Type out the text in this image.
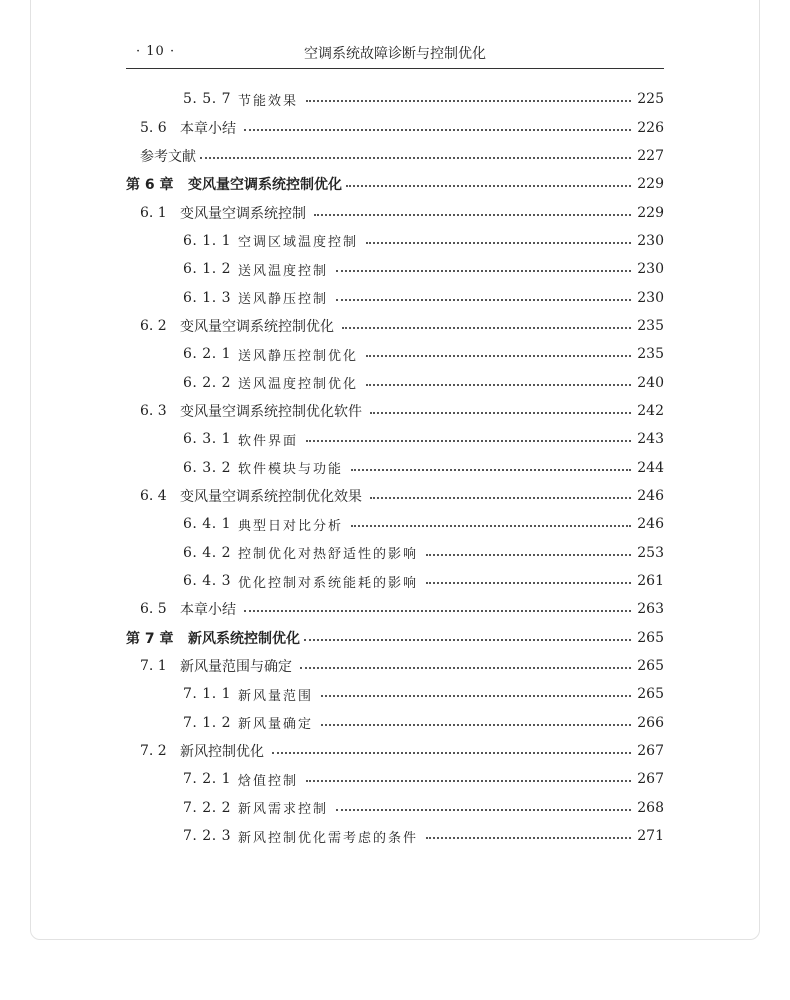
· 10 ·	空调系统故障诊断与控制优化
5. 5. 7 节能效果	225
5. 6 本章小结	226
参考文献	227
第 6 章	变风量空调系统控制优化	229
6. 1 变风量空调系统控制	229
6. 1. 1 空调区域温度控制	230
6. 1. 2 送风温度控制	230
6. 1. 3 送风静压控制	230
6. 2 变风量空调系统控制优化	235
6. 2. 1 送风静压控制优化	235
6. 2. 2 送风温度控制优化	240
6. 3 变风量空调系统控制优化软件	242
6. 3. 1 软件界面	243
6. 3. 2 软件模块与功能	244
6. 4 变风量空调系统控制优化效果	246
6. 4. 1 典型日对比分析	246
6. 4. 2 控制优化对热舒适性的影响	253
6. 4. 3 优化控制对系统能耗的影响	261
6. 5 本章小结	263
第 7 章	新风系统控制优化	265
7. 1 新风量范围与确定	265
7. 1. 1 新风量范围	265
7. 1. 2 新风量确定	266
7. 2 新风控制优化	267
7. 2. 1 焓值控制	267
7. 2. 2 新风需求控制	268
7. 2. 3 新风控制优化需考虑的条件	271
